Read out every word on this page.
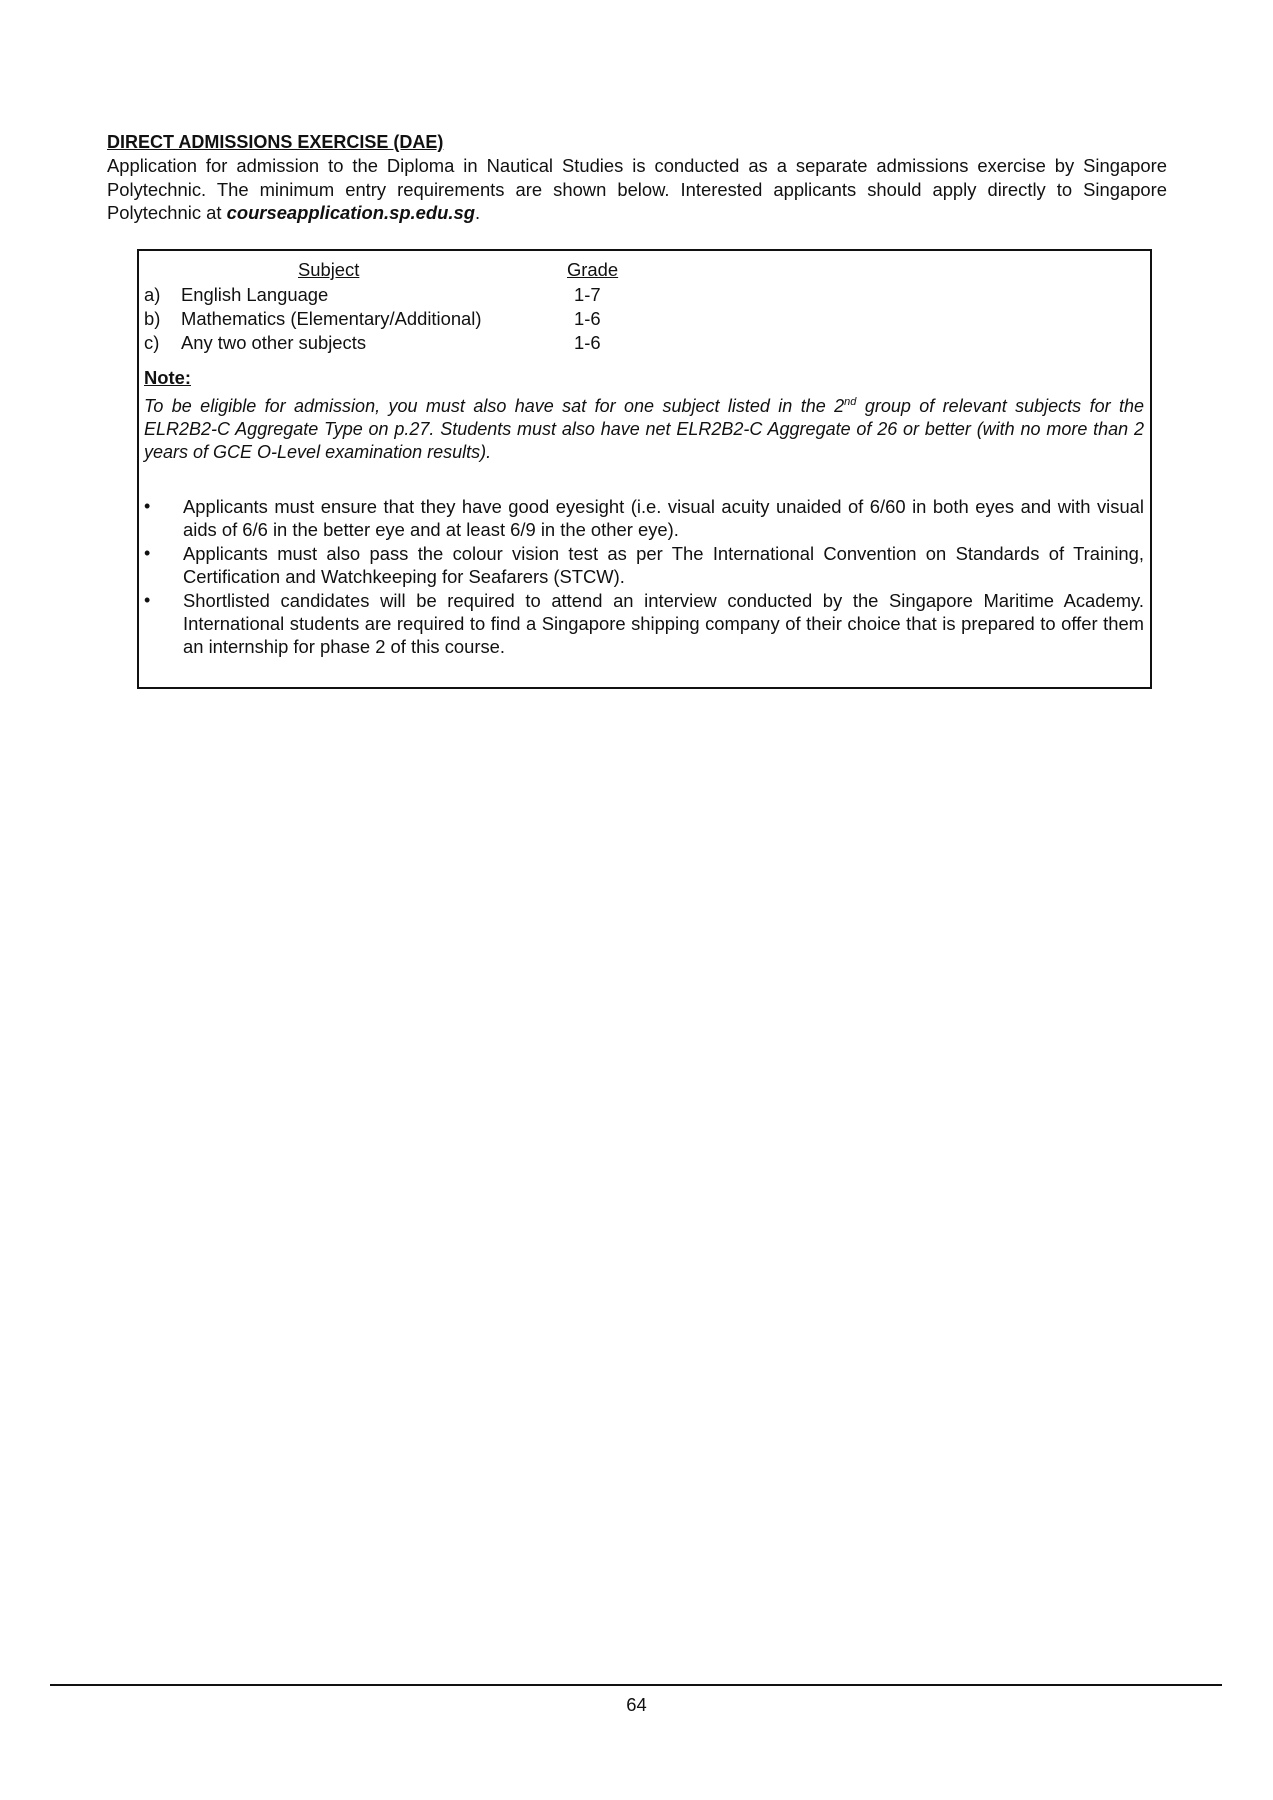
DIRECT ADMISSIONS EXERCISE (DAE)
Application for admission to the Diploma in Nautical Studies is conducted as a separate admissions exercise by Singapore Polytechnic. The minimum entry requirements are shown below. Interested applicants should apply directly to Singapore Polytechnic at courseapplication.sp.edu.sg.
Subject	Grade
a) English Language	1-7
b) Mathematics (Elementary/Additional)	1-6
c) Any two other subjects	1-6
Note:
To be eligible for admission, you must also have sat for one subject listed in the 2nd group of relevant subjects for the ELR2B2-C Aggregate Type on p.27. Students must also have net ELR2B2-C Aggregate of 26 or better (with no more than 2 years of GCE O-Level examination results).
• Applicants must ensure that they have good eyesight (i.e. visual acuity unaided of 6/60 in both eyes and with visual aids of 6/6 in the better eye and at least 6/9 in the other eye).
• Applicants must also pass the colour vision test as per The International Convention on Standards of Training, Certification and Watchkeeping for Seafarers (STCW).
• Shortlisted candidates will be required to attend an interview conducted by the Singapore Maritime Academy. International students are required to find a Singapore shipping company of their choice that is prepared to offer them an internship for phase 2 of this course.
64
